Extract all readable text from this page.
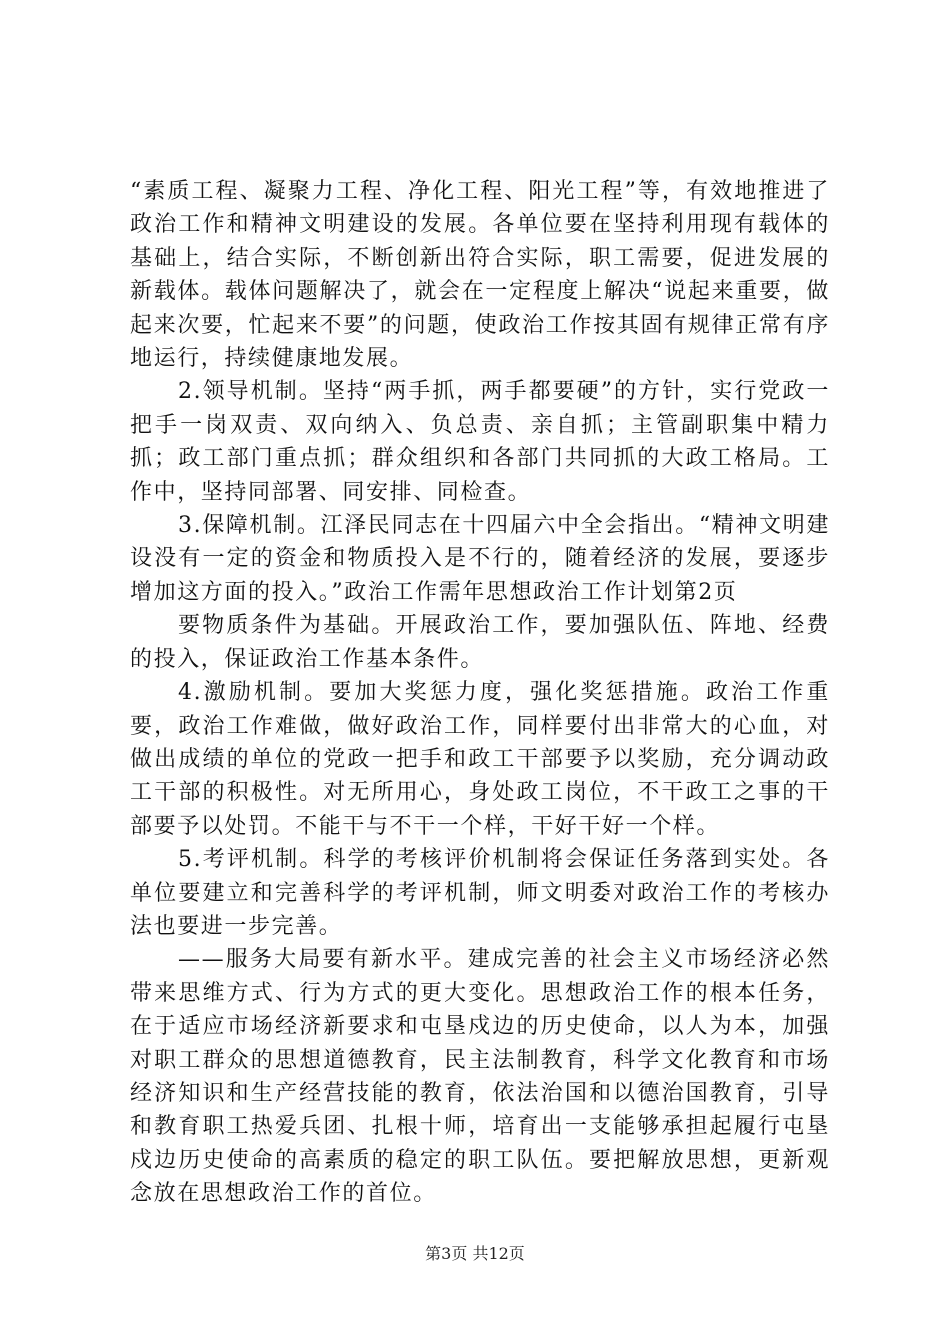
“素质工程、凝聚力工程、净化工程、阳光工程”等，有效地推进了政治工作和精神文明建设的发展。各单位要在坚持利用现有载体的基础上，结合实际，不断创新出符合实际，职工需要，促进发展的新载体。载体问题解决了，就会在一定程度上解决“说起来重要，做起来次要，忙起来不要”的问题，使政治工作按其固有规律正常有序地运行，持续健康地发展。

2.领导机制。坚持“两手抓，两手都要硬”的方针，实行党政一把手一岗双责、双向纳入、负总责、亲自抓；主管副职集中精力抓；政工部门重点抓；群众组织和各部门共同抓的大政工格局。工作中，坚持同部署、同安排、同检查。

3.保障机制。江泽民同志在十四届六中全会指出。“精神文明建设没有一定的资金和物质投入是不行的，随着经济的发展，要逐步增加这方面的投入。”政治工作需年思想政治工作计划第2页

要物质条件为基础。开展政治工作，要加强队伍、阵地、经费的投入，保证政治工作基本条件。

4.激励机制。要加大奖惩力度，强化奖惩措施。政治工作重要，政治工作难做，做好政治工作，同样要付出非常大的心血，对做出成绩的单位的党政一把手和政工干部要予以奖励，充分调动政工干部的积极性。对无所用心，身处政工岗位，不干政工之事的干部要予以处罚。不能干与不干一个样，干好干好一个样。

5.考评机制。科学的考核评价机制将会保证任务落到实处。各单位要建立和完善科学的考评机制，师文明委对政治工作的考核办法也要进一步完善。

——服务大局要有新水平。建成完善的社会主义市场经济必然带来思维方式、行为方式的更大变化。思想政治工作的根本任务，在于适应市场经济新要求和屯垦戍边的历史使命，以人为本，加强对职工群众的思想道德教育，民主法制教育，科学文化教育和市场经济知识和生产经营技能的教育，依法治国和以德治国教育，引导和教育职工热爱兵团、扎根十师，培育出一支能够承担起履行屯垦戍边历史使命的高素质的稳定的职工队伍。要把解放思想，更新观念放在思想政治工作的首位。

第3页 共12页
